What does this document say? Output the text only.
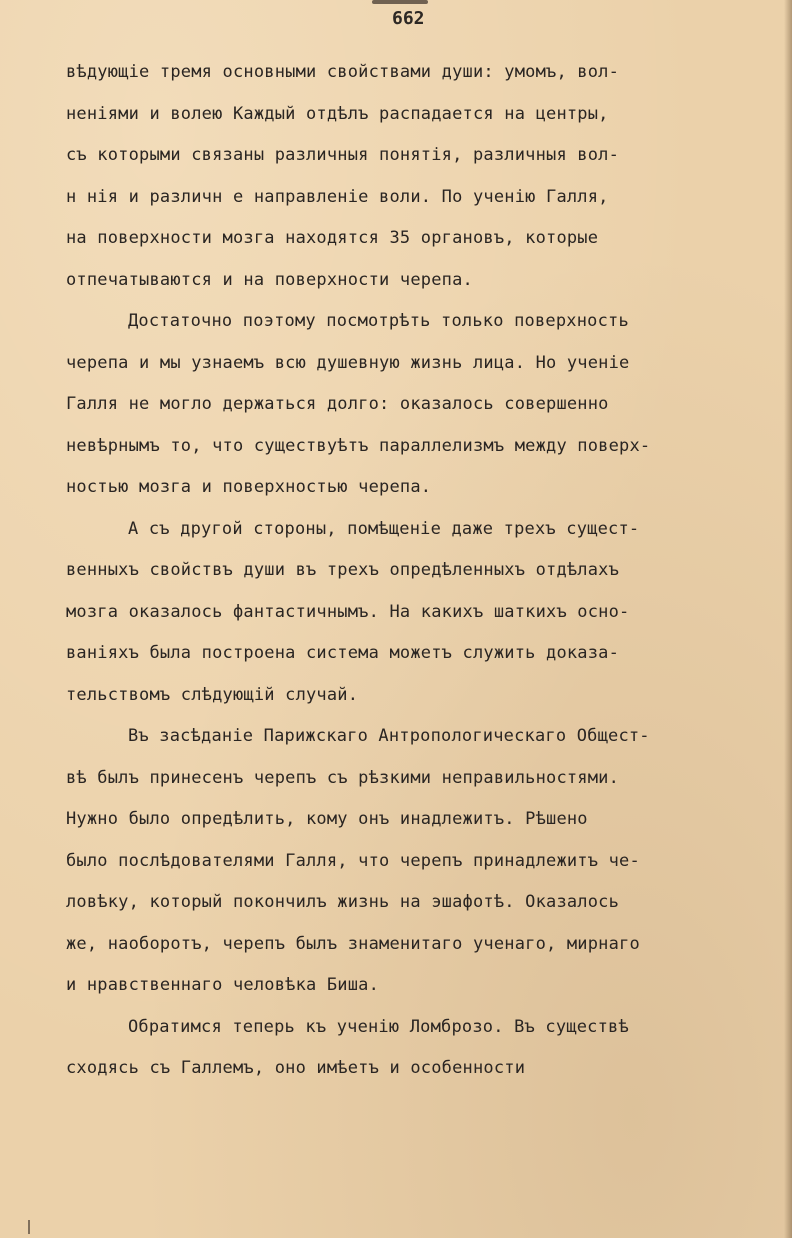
662
вѣдующіе тремя основными свойствами души: умомъ, вол-
неніями и волею Каждый отдѣлъ распадается на центры,
съ которыми связаны различныя понятія, различныя вол-
н нія и различн е направленіе воли. По ученію Галля,
на поверхности мозга находятся 35 органовъ, которые
отпечатываются и на поверхности черепа.
Достаточно поэтому посмотрѣть только поверхность
черепа и мы узнаемъ всю душевную жизнь лица. Но ученіе
Галля не могло держаться долго: оказалось совершенно
невѣрнымъ то, что существуѣтъ параллелизмъ между поверх-
ностью мозга и поверхностью черепа.
А съ другой стороны, помѣщеніе даже трехъ сущест-
венныхъ свойствъ души въ трехъ опредѣленныхъ отдѣлахъ
мозга оказалось фантастичнымъ. На какихъ шаткихъ осно-
ваніяхъ была построена система можетъ служить доказа-
тельствомъ слѣдующій случай.
Въ засѣданіе Парижскаго Антропологическаго Общест-
вѣ былъ принесенъ черепъ съ рѣзкими неправильностями.
Нужно было опредѣлить, кому онъ инадлежитъ. Рѣшено
было послѣдователями Галля, что черепъ принадлежитъ че-
ловѣку, который покончилъ жизнь на эшафотѣ. Оказалось
же, наоборотъ, черепъ былъ знаменитаго ученаго, мирнаго
и нравственнаго человѣка Биша.
Обратимся теперь къ ученію Ломброзо. Въ существѣ
сходясь съ Галлемъ, оно имѣетъ и особенности
